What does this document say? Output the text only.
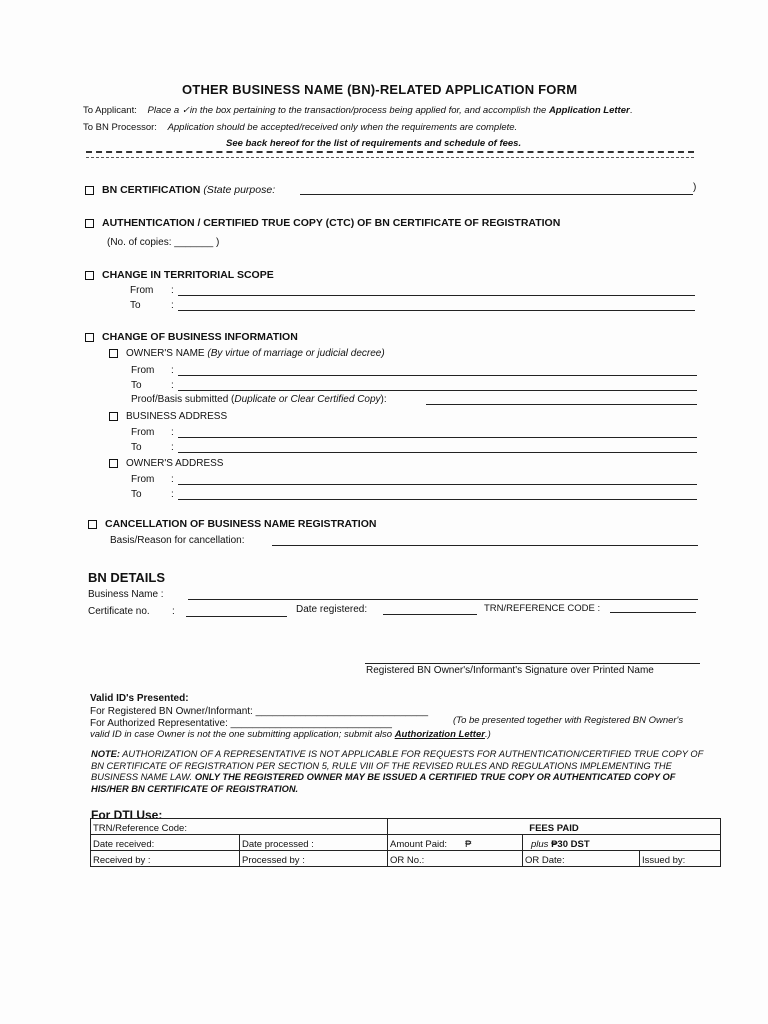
OTHER BUSINESS NAME (BN)-RELATED APPLICATION FORM
To Applicant: Place a ✓in the box pertaining to the transaction/process being applied for, and accomplish the Application Letter.
To BN Processor: Application should be accepted/received only when the requirements are complete.
See back hereof for the list of requirements and schedule of fees.
BN CERTIFICATION (State purpose:	)
AUTHENTICATION / CERTIFIED TRUE COPY (CTC) OF BN CERTIFICATE OF REGISTRATION
(No. of copies: _______ )
CHANGE IN TERRITORIAL SCOPE
From :
To	:
CHANGE OF BUSINESS INFORMATION
OWNER'S NAME (By virtue of marriage or judicial decree)
From :
To	:
Proof/Basis submitted (Duplicate or Clear Certified Copy):
BUSINESS ADDRESS
From :
To	:
OWNER'S ADDRESS
From :
To	:
CANCELLATION OF BUSINESS NAME REGISTRATION
Basis/Reason for cancellation:
BN DETAILS
Business Name :
Certificate no. :	Date registered:	TRN/REFERENCE CODE :
Registered BN Owner's/Informant's Signature over Printed Name
Valid ID's Presented:
For Registered BN Owner/Informant: _______________________________
For Authorized Representative: _____________________________	(To be presented together with Registered BN Owner's
valid ID in case Owner is not the one submitting application; submit also Authorization Letter.)
NOTE: AUTHORIZATION OF A REPRESENTATIVE IS NOT APPLICABLE FOR REQUESTS FOR AUTHENTICATION/CERTIFIED TRUE COPY OF BN CERTIFICATE OF REGISTRATION PER SECTION 5, RULE VIII OF THE REVISED RULES AND REGULATIONS IMPLEMENTING THE BUSINESS NAME LAW. ONLY THE REGISTERED OWNER MAY BE ISSUED A CERTIFIED TRUE COPY OR AUTHENTICATED COPY OF HIS/HER BN CERTIFICATE OF REGISTRATION.
For DTI Use:
TRN/Reference Code:		FEES PAID		
Date received:	Date processed :	Amount Paid: ₱	plus ₱30 DST	
Received by :	Processed by :	OR No.:	OR Date:	Issued by:
